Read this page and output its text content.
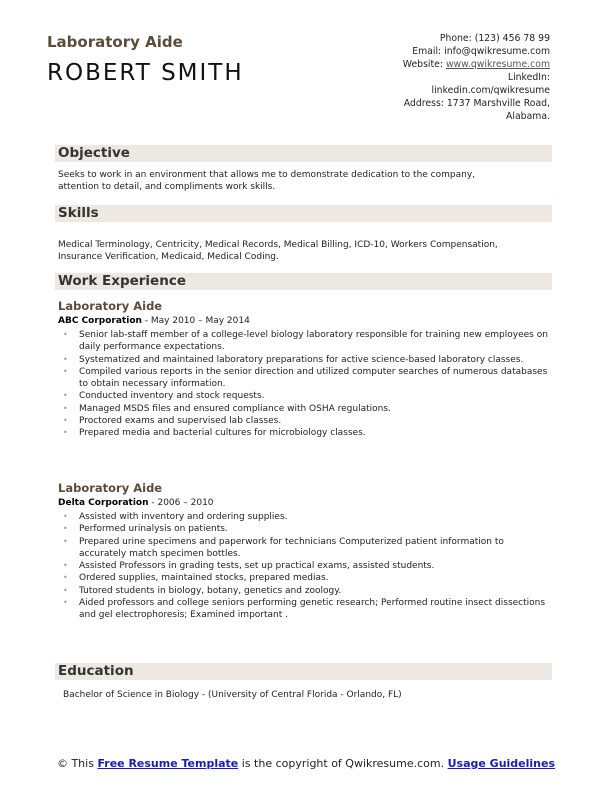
Laboratory Aide
ROBERT SMITH
Phone: (123) 456 78 99
Email: info@qwikresume.com
Website: www.qwikresume.com
LinkedIn:
linkedin.com/qwikresume
Address: 1737 Marshville Road,
Alabama.
Objective
Seeks to work in an environment that allows me to demonstrate dedication to the company,
attention to detail, and compliments work skills.
Skills
Medical Terminology, Centricity, Medical Records, Medical Billing, ICD-10, Workers Compensation,
Insurance Verification, Medicaid, Medical Coding.
Work Experience
Laboratory Aide
ABC Corporation - May 2010 – May 2014
• Senior lab-staff member of a college-level biology laboratory responsible for training new employees on daily performance expectations.
• Systematized and maintained laboratory preparations for active science-based laboratory classes.
• Compiled various reports in the senior direction and utilized computer searches of numerous databases to obtain necessary information.
• Conducted inventory and stock requests.
• Managed MSDS files and ensured compliance with OSHA regulations.
• Proctored exams and supervised lab classes.
• Prepared media and bacterial cultures for microbiology classes.
Laboratory Aide
Delta Corporation - 2006 – 2010
• Assisted with inventory and ordering supplies.
• Performed urinalysis on patients.
• Prepared urine specimens and paperwork for technicians Computerized patient information to accurately match specimen bottles.
• Assisted Professors in grading tests, set up practical exams, assisted students.
• Ordered supplies, maintained stocks, prepared medias.
• Tutored students in biology, botany, genetics and zoology.
• Aided professors and college seniors performing genetic research; Performed routine insect dissections and gel electrophoresis; Examined important .
Education
Bachelor of Science in Biology - (University of Central Florida - Orlando, FL)
© This Free Resume Template is the copyright of Qwikresume.com. Usage Guidelines
